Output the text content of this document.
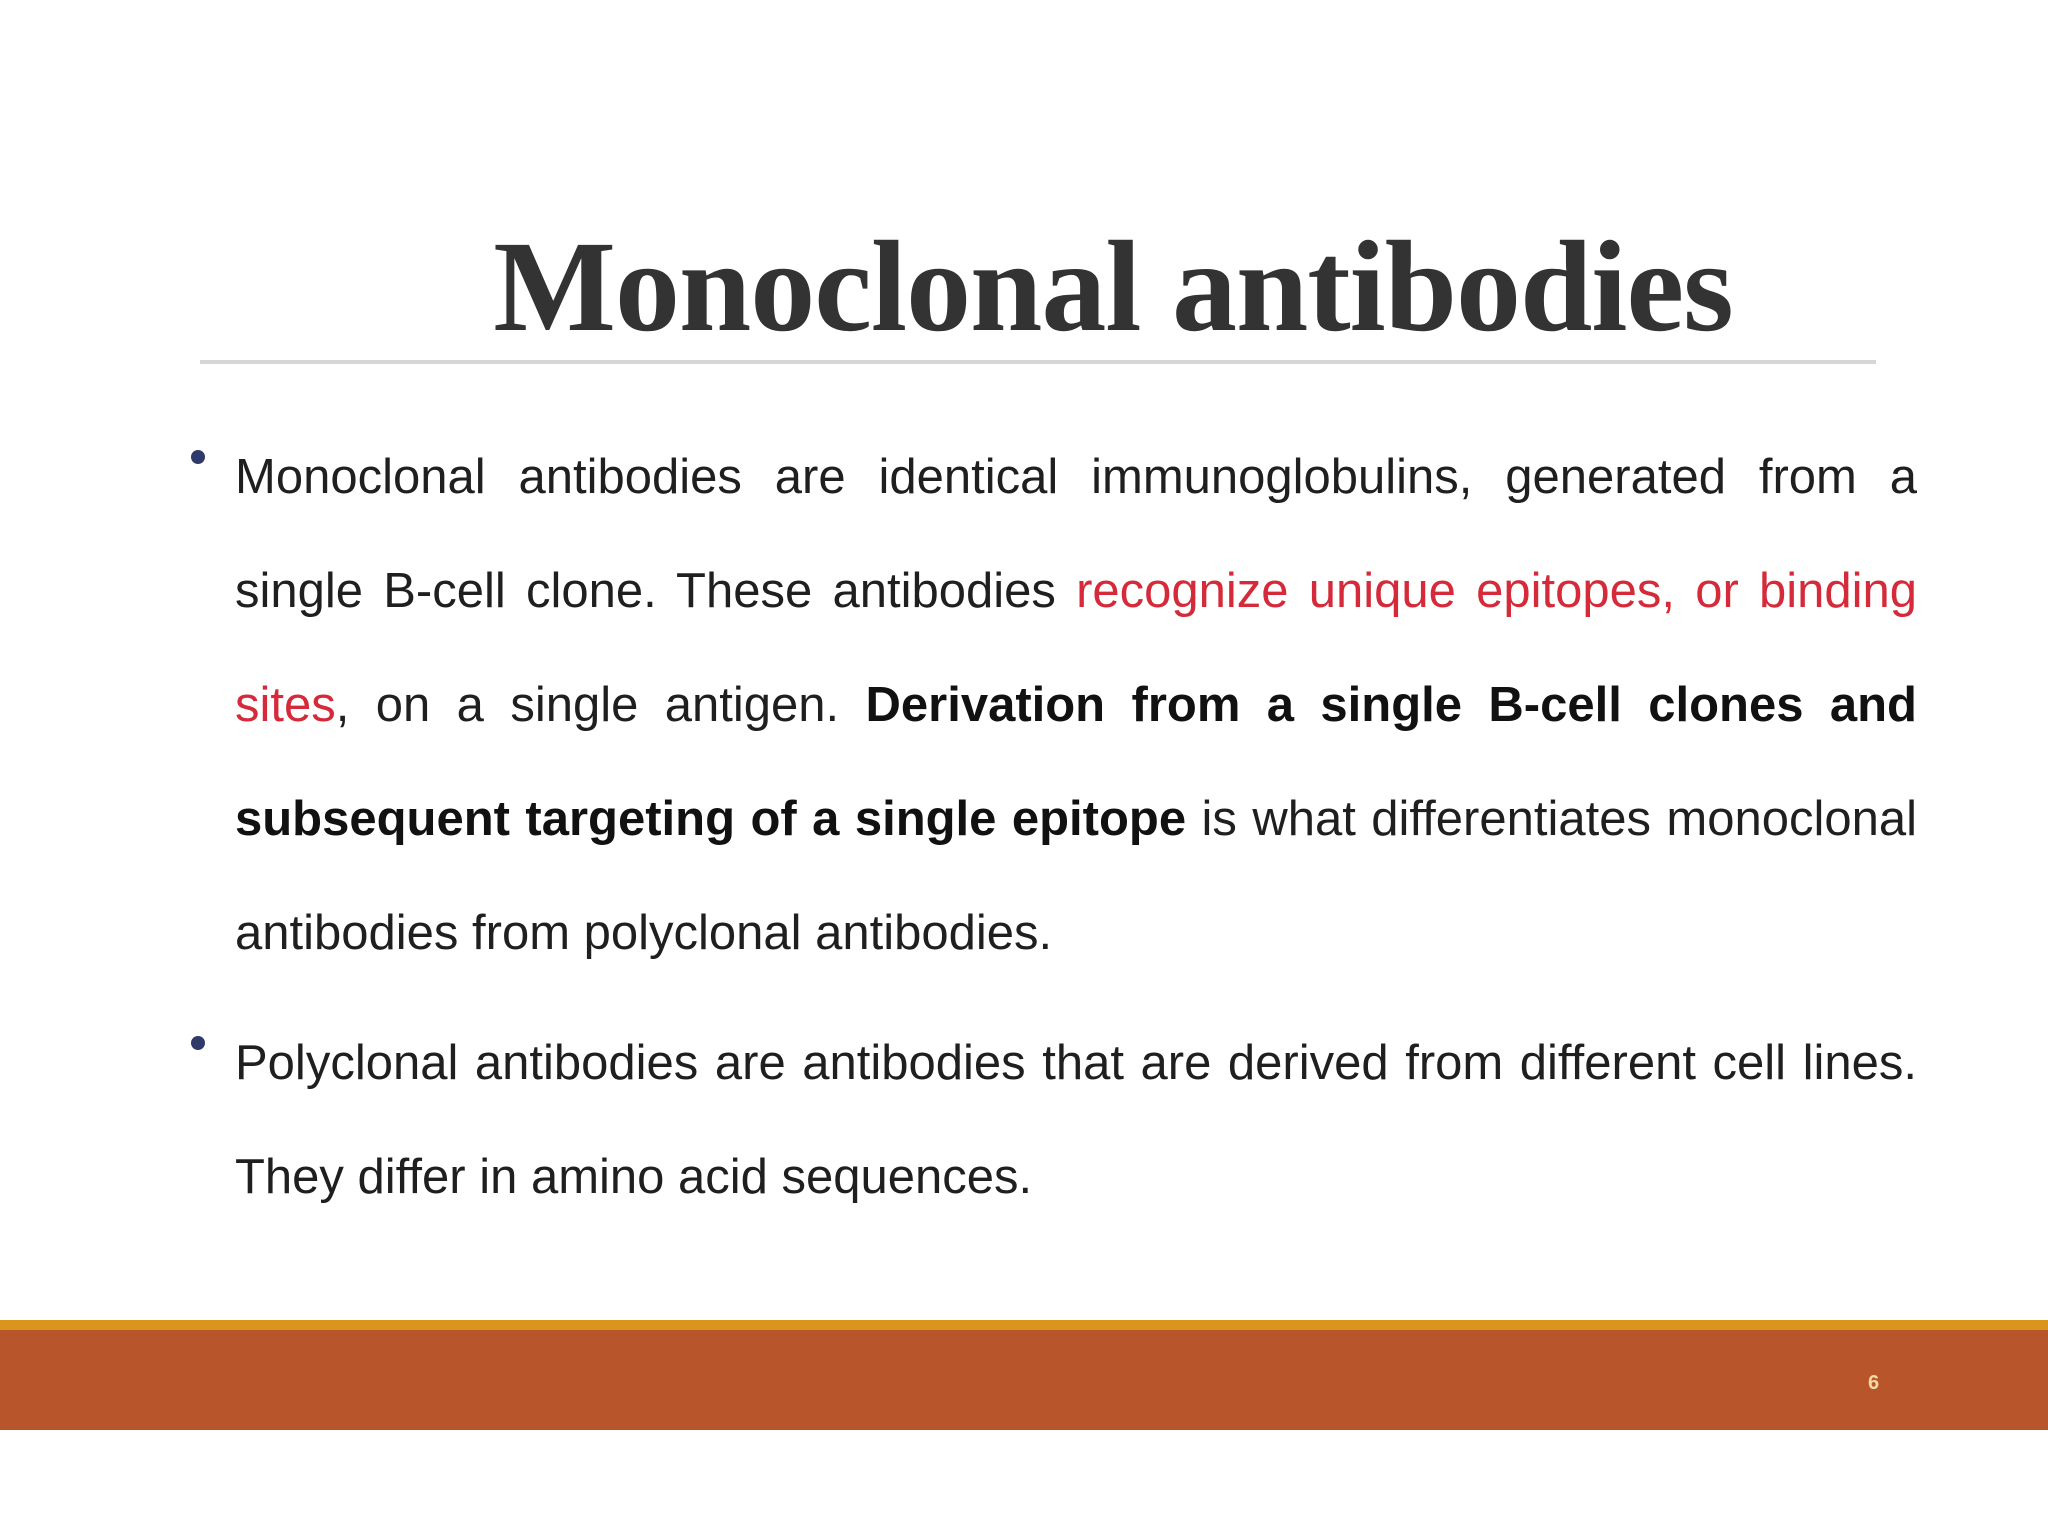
Monoclonal antibodies
Monoclonal antibodies are identical immunoglobulins, generated from a single B-cell clone. These antibodies recognize unique epitopes, or binding sites, on a single antigen. Derivation from a single B-cell clones and subsequent targeting of a single epitope is what differentiates monoclonal antibodies from polyclonal antibodies.
Polyclonal antibodies are antibodies that are derived from different cell lines. They differ in amino acid sequences.
6
